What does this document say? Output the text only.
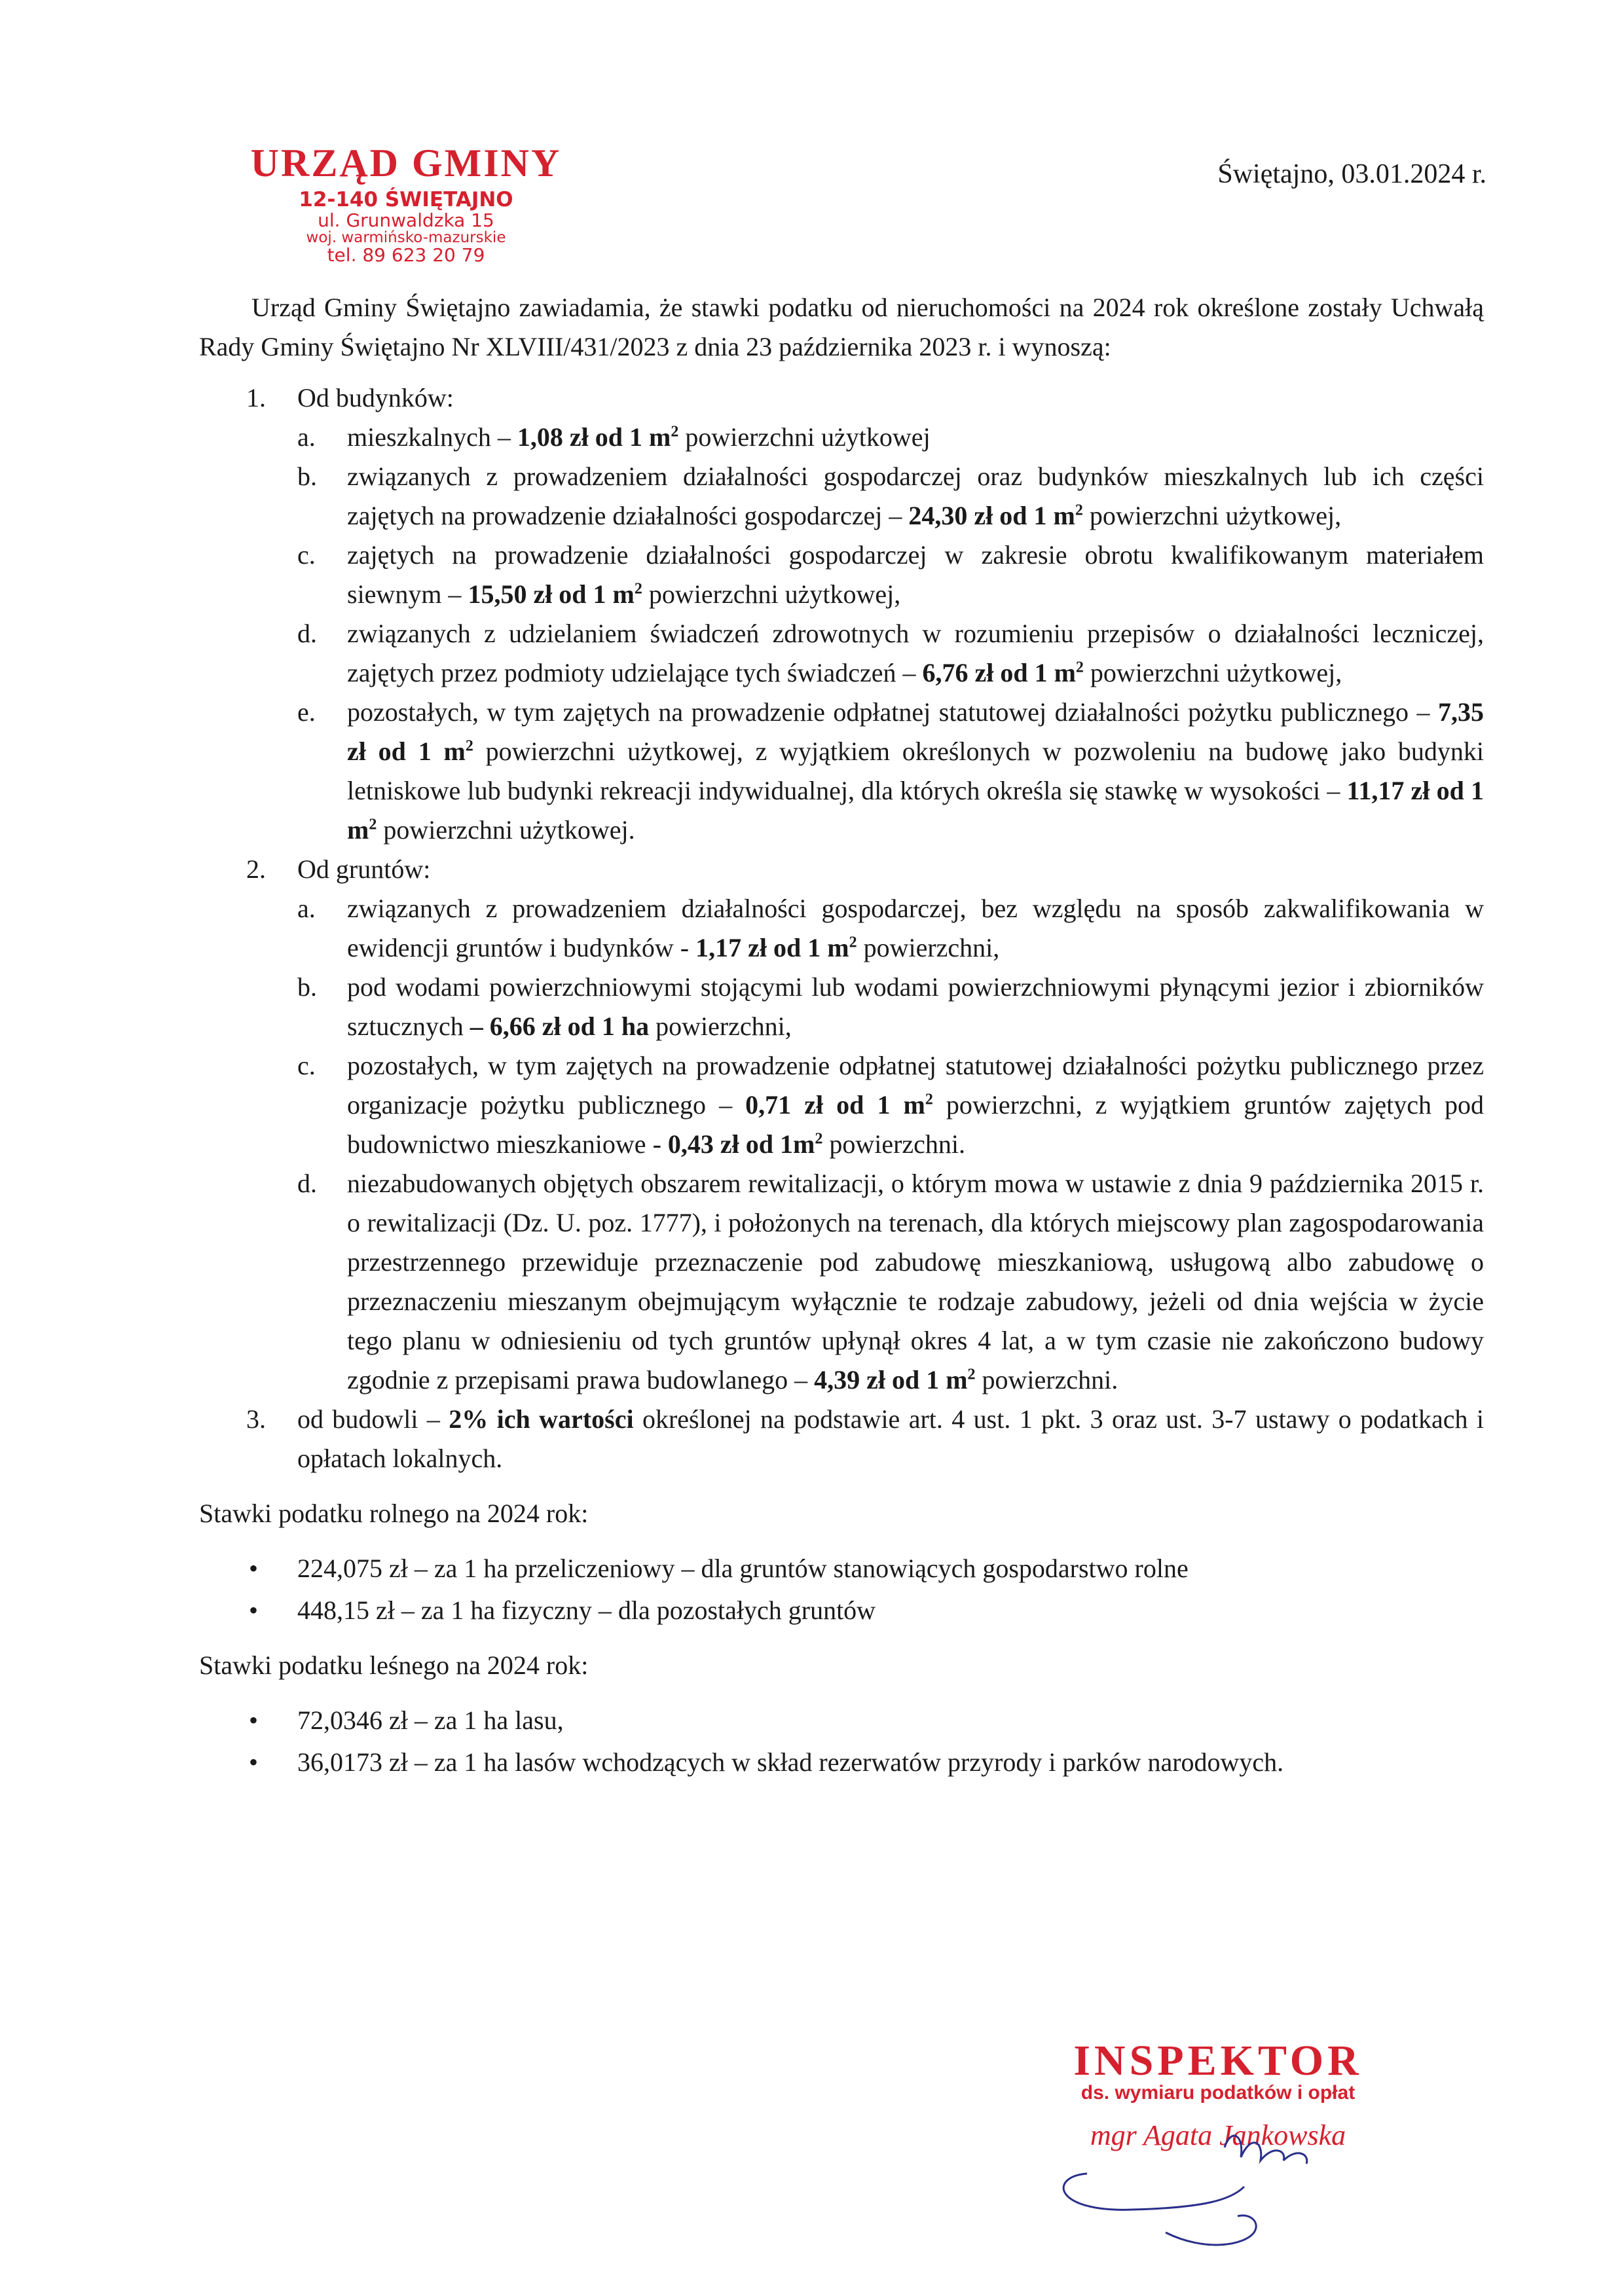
URZĄD GMINY
12-140 ŚWIĘTAJNO
ul. Grunwaldzka 15
woj. warmińsko-mazurskie
tel. 89 623 20 79
Świętajno, 03.01.2024 r.

Urząd Gminy Świętajno zawiadamia, że stawki podatku od nieruchomości na 2024 rok określone zostały Uchwałą Rady Gminy Świętajno Nr XLVIII/431/2023 z dnia 23 października 2023 r. i wynoszą:

1. Od budynków:
a. mieszkalnych – 1,08 zł od 1 $m^2$ powierzchni użytkowej
b. związanych z prowadzeniem działalności gospodarczej oraz budynków mieszkalnych lub ich części zajętych na prowadzenie działalności gospodarczej – 24,30 zł od 1 $m^2$ powierzchni użytkowej,
c. zajętych na prowadzenie działalności gospodarczej w zakresie obrotu kwalifikowanym materiałem siewnym – 15,50 zł od 1 $m^2$ powierzchni użytkowej,
d. związanych z udzielaniem świadczeń zdrowotnych w rozumieniu przepisów o działalności leczniczej, zajętych przez podmioty udzielające tych świadczeń – 6,76 zł od 1 $m^2$ powierzchni użytkowej,
e. pozostałych, w tym zajętych na prowadzenie odpłatnej statutowej działalności pożytku publicznego – 7,35 zł od 1 $m^2$ powierzchni użytkowej, z wyjątkiem określonych w pozwoleniu na budowę jako budynki letniskowe lub budynki rekreacji indywidualnej, dla których określa się stawkę w wysokości – 11,17 zł od 1 $m^2$ powierzchni użytkowej.
2. Od gruntów:
a. związanych z prowadzeniem działalności gospodarczej, bez względu na sposób zakwalifikowania w ewidencji gruntów i budynków - 1,17 zł od 1 $m^2$ powierzchni,
b. pod wodami powierzchniowymi stojącymi lub wodami powierzchniowymi płynącymi jezior i zbiorników sztucznych – 6,66 zł od 1 ha powierzchni,
c. pozostałych, w tym zajętych na prowadzenie odpłatnej statutowej działalności pożytku publicznego przez organizacje pożytku publicznego – 0,71 zł od 1 $m^2$ powierzchni, z wyjątkiem gruntów zajętych pod budownictwo mieszkaniowe - 0,43 zł od $1m^2$ powierzchni.
d. niezabudowanych objętych obszarem rewitalizacji, o którym mowa w ustawie z dnia 9 października 2015 r. o rewitalizacji (Dz. U. poz. 1777), i położonych na terenach, dla których miejscowy plan zagospodarowania przestrzennego przewiduje przeznaczenie pod zabudowę mieszkaniową, usługową albo zabudowę o przeznaczeniu mieszanym obejmującym wyłącznie te rodzaje zabudowy, jeżeli od dnia wejścia w życie tego planu w odniesieniu od tych gruntów upłynął okres 4 lat, a w tym czasie nie zakończono budowy zgodnie z przepisami prawa budowlanego – 4,39 zł od 1 $m^2$ powierzchni.
3. od budowli – 2% ich wartości określonej na podstawie art. 4 ust. 1 pkt. 3 oraz ust. 3-7 ustawy o podatkach i opłatach lokalnych.
Stawki podatku rolnego na 2024 rok:
• 224,075 zł – za 1 ha przeliczeniowy – dla gruntów stanowiących gospodarstwo rolne
• 448,15 zł – za 1 ha fizyczny – dla pozostałych gruntów
Stawki podatku leśnego na 2024 rok:
• 72,0346 zł – za 1 ha lasu,
• 36,0173 zł – za 1 ha lasów wchodzących w skład rezerwatów przyrody i parków narodowych.
INSPEKTOR
ds. wymiaru podatków i opłat
mgr Agata Jankowska
